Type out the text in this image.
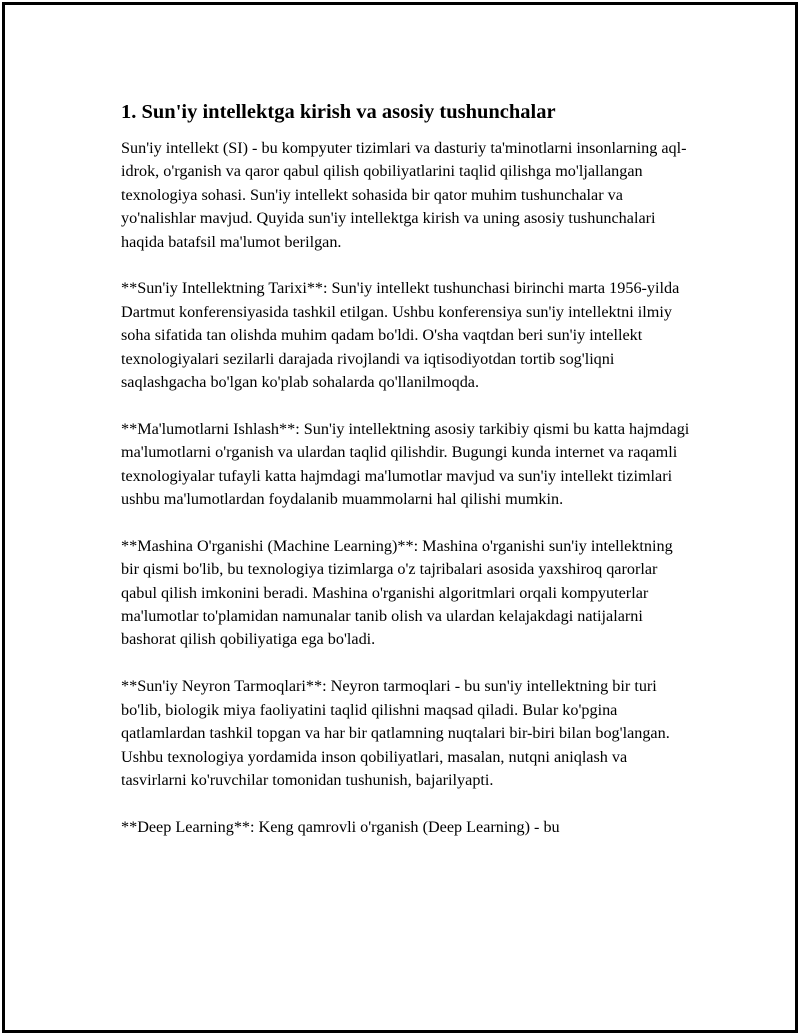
1. Sun'iy intellektga kirish va asosiy tushunchalar

Sun'iy intellekt (SI) - bu kompyuter tizimlari va dasturiy ta'minotlarni insonlarning aql-idrok, o'rganish va qaror qabul qilish qobiliyatlarini taqlid qilishga mo'ljallangan texnologiya sohasi. Sun'iy intellekt sohasida bir qator muhim tushunchalar va yo'nalishlar mavjud. Quyida sun'iy intellektga kirish va uning asosiy tushunchalari haqida batafsil ma'lumot berilgan.

**Sun'iy Intellektning Tarixi**: Sun'iy intellekt tushunchasi birinchi marta 1956-yilda Dartmut konferensiyasida tashkil etilgan. Ushbu konferensiya sun'iy intellektni ilmiy soha sifatida tan olishda muhim qadam bo'ldi. O'sha vaqtdan beri sun'iy intellekt texnologiyalari sezilarli darajada rivojlandi va iqtisodiyotdan tortib sog'liqni saqlashgacha bo'lgan ko'plab sohalarda qo'llanilmoqda.

**Ma'lumotlarni Ishlash**: Sun'iy intellektning asosiy tarkibiy qismi bu katta hajmdagi ma'lumotlarni o'rganish va ulardan taqlid qilishdir. Bugungi kunda internet va raqamli texnologiyalar tufayli katta hajmdagi ma'lumotlar mavjud va sun'iy intellekt tizimlari ushbu ma'lumotlardan foydalanib muammolarni hal qilishi mumkin.

**Mashina O'rganishi (Machine Learning)**: Mashina o'rganishi sun'iy intellektning bir qismi bo'lib, bu texnologiya tizimlarga o'z tajribalari asosida yaxshiroq qarorlar qabul qilish imkonini beradi. Mashina o'rganishi algoritmlari orqali kompyuterlar ma'lumotlar to'plamidan namunalar tanib olish va ulardan kelajakdagi natijalarni bashorat qilish qobiliyatiga ega bo'ladi.

**Sun'iy Neyron Tarmoqlari**: Neyron tarmoqlari - bu sun'iy intellektning bir turi bo'lib, biologik miya faoliyatini taqlid qilishni maqsad qiladi. Bular ko'pgina qatlamlardan tashkil topgan va har bir qatlamning nuqtalari bir-biri bilan bog'langan. Ushbu texnologiya yordamida inson qobiliyatlari, masalan, nutqni aniqlash va tasvirlarni ko'ruvchilar tomonidan tushunish, bajarilyapti.

**Deep Learning**: Keng qamrovli o'rganish (Deep Learning) - bu
